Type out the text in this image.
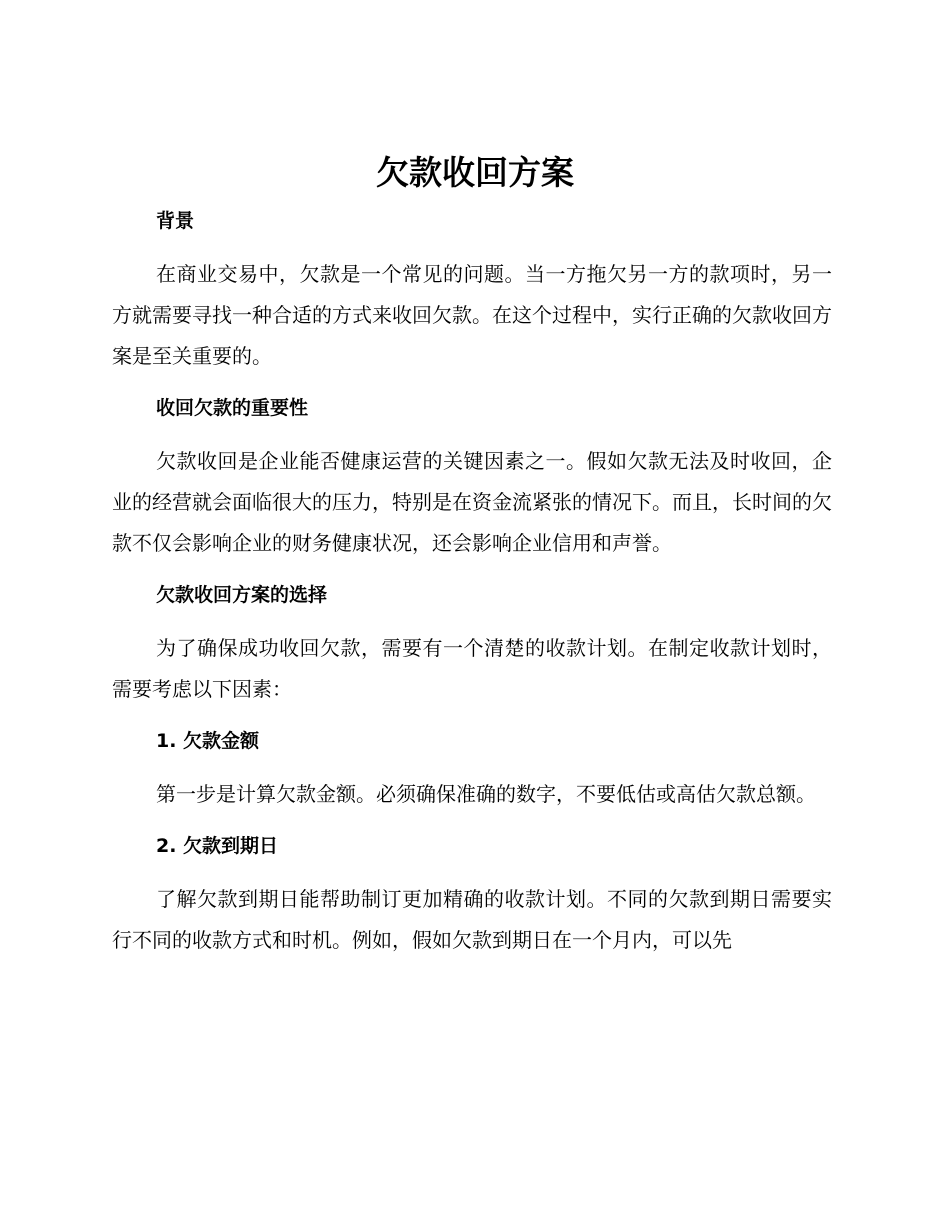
欠款收回方案
背景

在商业交易中，欠款是一个常见的问题。当一方拖欠另一方的款项时，另一方就需要寻找一种合适的方式来收回欠款。在这个过程中，实行正确的欠款收回方案是至关重要的。

收回欠款的重要性

欠款收回是企业能否健康运营的关键因素之一。假如欠款无法及时收回，企业的经营就会面临很大的压力，特别是在资金流紧张的情况下。而且，长时间的欠款不仅会影响企业的财务健康状况，还会影响企业信用和声誉。

欠款收回方案的选择

为了确保成功收回欠款，需要有一个清楚的收款计划。在制定收款计划时，需要考虑以下因素：

1. 欠款金额

第一步是计算欠款金额。必须确保准确的数字，不要低估或高估欠款总额。

2. 欠款到期日

了解欠款到期日能帮助制订更加精确的收款计划。不同的欠款到期日需要实行不同的收款方式和时机。例如，假如欠款到期日在一个月内，可以先
